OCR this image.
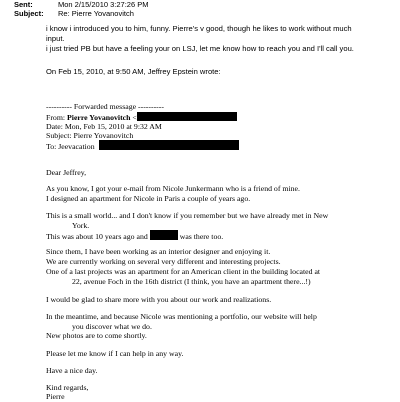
Sent:	Mon 2/15/2010 3:27:26 PM
Subject: Re: Pierre Yovanovitch
i know i introduced you to him, funny. Pierre's v good, though he likes to work without much
input.
i just tried PB but have a feeling your on LSJ, let me know how to reach you and I'll call you.
On Feb 15, 2010, at 9:50 AM, Jeffrey Epstein wrote:
---------- Forwarded message ----------
From: Pierre Yovanovitch <
Date: Mon, Feb 15, 2010 at 9:32 AM
Subject: Pierre Yovanovitch
To: Jeevacation
Dear Jeffrey,
As you know, I got your e-mail from Nicole Junkermann who is a friend of mine.
I designed an apartment for Nicole in Paris a couple of years ago.
This is a small world... and I don't know if you remember but we have already met in New
York.
This was about 10 years ago and	was there too.
Since them, I have been working as an interior designer and enjoying it.
We are currently working on several very different and interesting projects.
One of a last projects was an apartment for an American client in the building located at
22, avenue Foch in the 16th district (I think, you have an apartment there...!)
I would be glad to share more with you about our work and realizations.
In the meantime, and because Nicole was mentioning a portfolio, our website will help
you discover what we do.
New photos are to come shortly.
Please let me know if I can help in any way.
Have a nice day.
Kind regards,
Pierre
